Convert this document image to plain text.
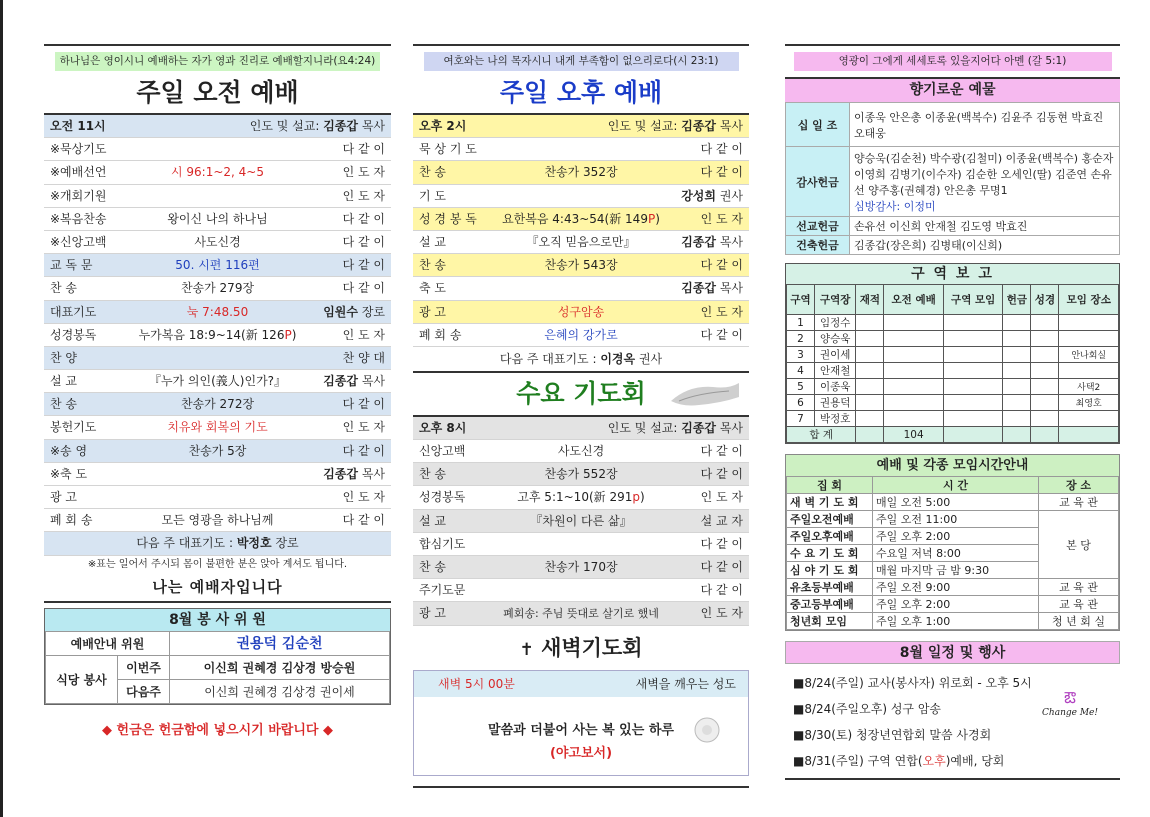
하나님은 영이시니 예배하는 자가 영과 진리로 예배할지니라(요4:24)
주일 오전 예배
오전 11시	인도 및 설교: 김종갑 목사
※묵상기도	다 같 이
※예배선언	시 96:1~2, 4~5	인 도 자
※개회기원	인 도 자
※복음찬송	왕이신 나의 하나님	다 같 이
※신앙고백	사도신경	다 같 이
교 독 문	50. 시편 116편	다 같 이
찬 송	찬송가 279장	다 같 이
대표기도	눅 7:48.50	임원수 장로
성경봉독	누가복음 18:9~14(新 126P)	인 도 자
찬 양	찬 양 대
설 교	『누가 의인(義人)인가?』	김종갑 목사
찬 송	찬송가 272장	다 같 이
봉헌기도	치유와 회복의 기도	인 도 자
※송 영	찬송가 5장	다 같 이
※축 도	김종갑 목사
광 고	인 도 자
폐 회 송	모든 영광을 하나님께	다 같 이
다음 주 대표기도 : 박정호 장로
※표는 일어서 주시되 몸이 불편한 분은 앉아 계셔도 됩니다.
나는 예배자입니다
8월 봉 사 위 원
예배안내 위원		권용덕 김순천
식당 봉사	이번주	이신희 권혜경 김상경 방승원
	다음주	이신희 권혜경 김상경 권이세
◆ 헌금은 헌금함에 넣으시기 바랍니다 ◆
여호와는 나의 목자시니 내게 부족함이 없으리로다(시 23:1)
주일 오후 예배
오후 2시	인도 및 설교: 김종갑 목사
묵 상 기 도	다 같 이
찬 송	찬송가 352장	다 같 이
기 도	강성희 권사
성 경 봉 독	요한복음 4:43~54(新 149P)	인 도 자
설 교	『오직 믿음으로만』	김종갑 목사
찬 송	찬송가 543장	다 같 이
축 도	김종갑 목사
광 고	성구암송	인 도 자
폐 회 송	은혜의 강가로	다 같 이
다음 주 대표기도 : 이경옥 권사
수요 기도회
오후 8시	인도 및 설교: 김종갑 목사
신앙고백	사도신경	다 같 이
찬 송	찬송가 552장	다 같 이
성경봉독	고후 5:1~10(新 291p)	인 도 자
설 교	『차원이 다른 삶』	설 교 자
합심기도	다 같 이
찬 송	찬송가 170장	다 같 이
주기도문	다 같 이
광 고	폐회송: 주님 뜻대로 살기로 했네	인 도 자
✝ 새벽기도회
새벽 5시 00분	새벽을 깨우는 성도
말씀과 더불어 사는 복 있는 하루
(야고보서)
영광이 그에게 세세토록 있을지어다 아멘 (갈 5:1)
향기로운 예물
십 일 조	이종욱 안은총 이종윤(백복수) 김윤주 김동현 박효진 오태웅
감사헌금	양승욱(김순천) 박수광(김철미) 이종윤(백복수) 홍순자 이영희 김병기(이수자) 김순한 오세인(딸) 김준연 손유선 양주홍(권혜경) 안은총 무명1
심방감사: 이정미

선교헌금	손유선 이신희 안재철 김도영 박효진
건축헌금	김종갑(장은희) 김병태(이신희)
구 역 보 고
구역	구역장	재적	오전 예배	구역 모임	헌금	성경	모임 장소
1	임정수						
2	양승욱						
3	권이세						안나회실
4	안재철						
5	이종욱						사택2
6	권용덕						최영호
7	박정호						
합 계			104				
예배 및 각종 모임시간안내
집 회	시 간	장 소
새 벽 기 도 회	매일 오전 5:00	교 육 관
주일오전예배	주일 오전 11:00	본 당
주일오후예배	주일 오후 2:00	
수 요 기 도 회	수요일 저녁 8:00	
심 야 기 도 회	매월 마지막 금 밤 9:30	
유초등부예배	주일 오전 9:00	교 육 관
중고등부예배	주일 오후 2:00	교 육 관
청년회 모임	주일 오후 1:00	청 년 회 실
8월 일정 및 행사
■8/24(주일) 교사(봉사자) 위로회 - 오후 5시
■8/24(주일오후) 성구 암송
■8/30(토) 청장년연합회 말씀 사경회
■8/31(주일) 구역 연합(오후)예배, 당회
ఔ
Change Me!
